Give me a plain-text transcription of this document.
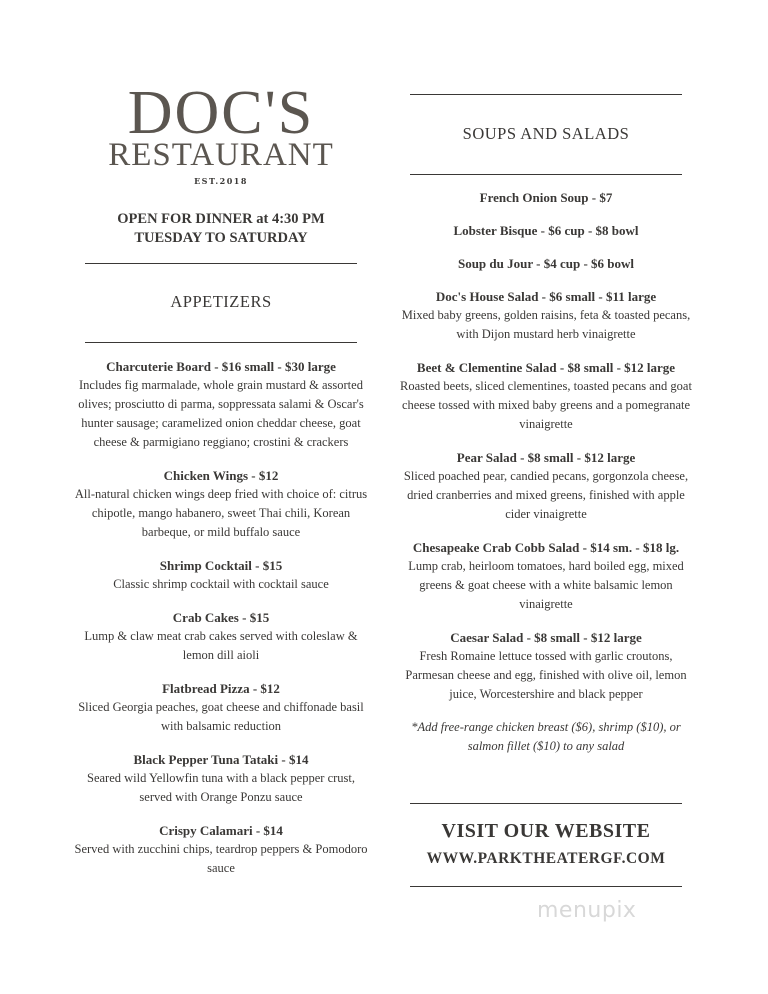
DOC'S
RESTAURANT
EST.2018
OPEN FOR DINNER at 4:30 PM
TUESDAY TO SATURDAY
APPETIZERS
Charcuterie Board - $16 small - $30 large
Includes fig marmalade, whole grain mustard & assorted olives; prosciutto di parma, soppressata salami & Oscar's hunter sausage; caramelized onion cheddar cheese, goat cheese & parmigiano reggiano; crostini & crackers
Chicken Wings - $12
All-natural chicken wings deep fried with choice of: citrus chipotle, mango habanero, sweet Thai chili, Korean barbeque, or mild buffalo sauce
Shrimp Cocktail - $15
Classic shrimp cocktail with cocktail sauce
Crab Cakes - $15
Lump & claw meat crab cakes served with coleslaw & lemon dill aioli
Flatbread Pizza - $12
Sliced Georgia peaches, goat cheese and chiffonade basil with balsamic reduction
Black Pepper Tuna Tataki - $14
Seared wild Yellowfin tuna with a black pepper crust, served with Orange Ponzu sauce
Crispy Calamari - $14
Served with zucchini chips, teardrop peppers & Pomodoro sauce
SOUPS AND SALADS
French Onion Soup - $7
Lobster Bisque - $6 cup - $8 bowl
Soup du Jour - $4 cup - $6 bowl
Doc's House Salad - $6 small - $11 large
Mixed baby greens, golden raisins, feta & toasted pecans, with Dijon mustard herb vinaigrette
Beet & Clementine Salad - $8 small - $12 large
Roasted beets, sliced clementines, toasted pecans and goat cheese tossed with mixed baby greens and a pomegranate vinaigrette
Pear Salad - $8 small - $12 large
Sliced poached pear, candied pecans, gorgonzola cheese, dried cranberries and mixed greens, finished with apple cider vinaigrette
Chesapeake Crab Cobb Salad - $14 sm. - $18 lg.
Lump crab, heirloom tomatoes, hard boiled egg, mixed greens & goat cheese with a white balsamic lemon vinaigrette
Caesar Salad - $8 small - $12 large
Fresh Romaine lettuce tossed with garlic croutons, Parmesan cheese and egg, finished with olive oil, lemon juice, Worcestershire and black pepper
*Add free-range chicken breast ($6), shrimp ($10), or salmon fillet ($10) to any salad
VISIT OUR WEBSITE
WWW.PARKTHEATERGF.COM
menupix
